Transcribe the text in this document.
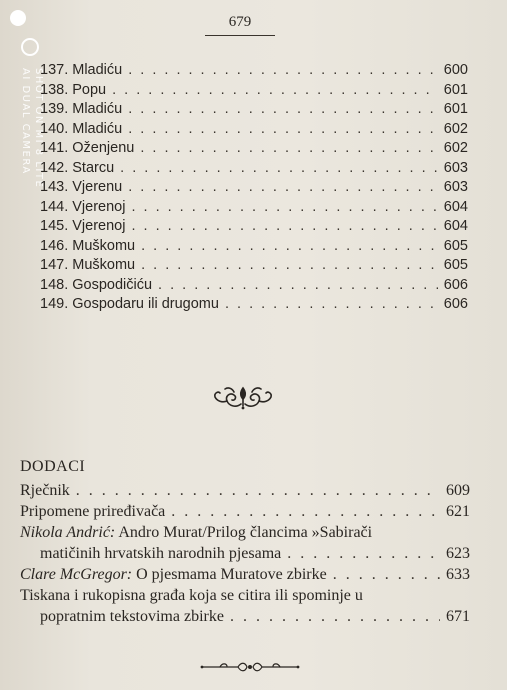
SHOT ON MI 8 LITE
AI DUAL CAMERA
679
137. Mladiću . . .	600
138. Popu . . .	601
139. Mladiću . . .	601
140. Mladiću . . .	602
141. Oženjenu . . .	602
142. Starcu . . .	603
143. Vjerenu . . .	603
144. Vjerenoj . . .	604
145. Vjerenoj . . .	604
146. Muškomu . . .	605
147. Muškomu . . .	605
148. Gospodičiću . . .	606
149. Gospodaru ili drugomu . . .	606
DODACI
Rječnik . . .	609
Pripomene priređivača . . .	621
Nikola Andrić: Andro Murat/Prilog člancima »Sabirači
matičinih hrvatskih narodnih pjesama . . .	623
Clare McGregor: O pjesmama Muratove zbirke . . .	633
Tiskana i rukopisna građa koja se citira ili spominje u
popratnim tekstovima zbirke . . .	671
